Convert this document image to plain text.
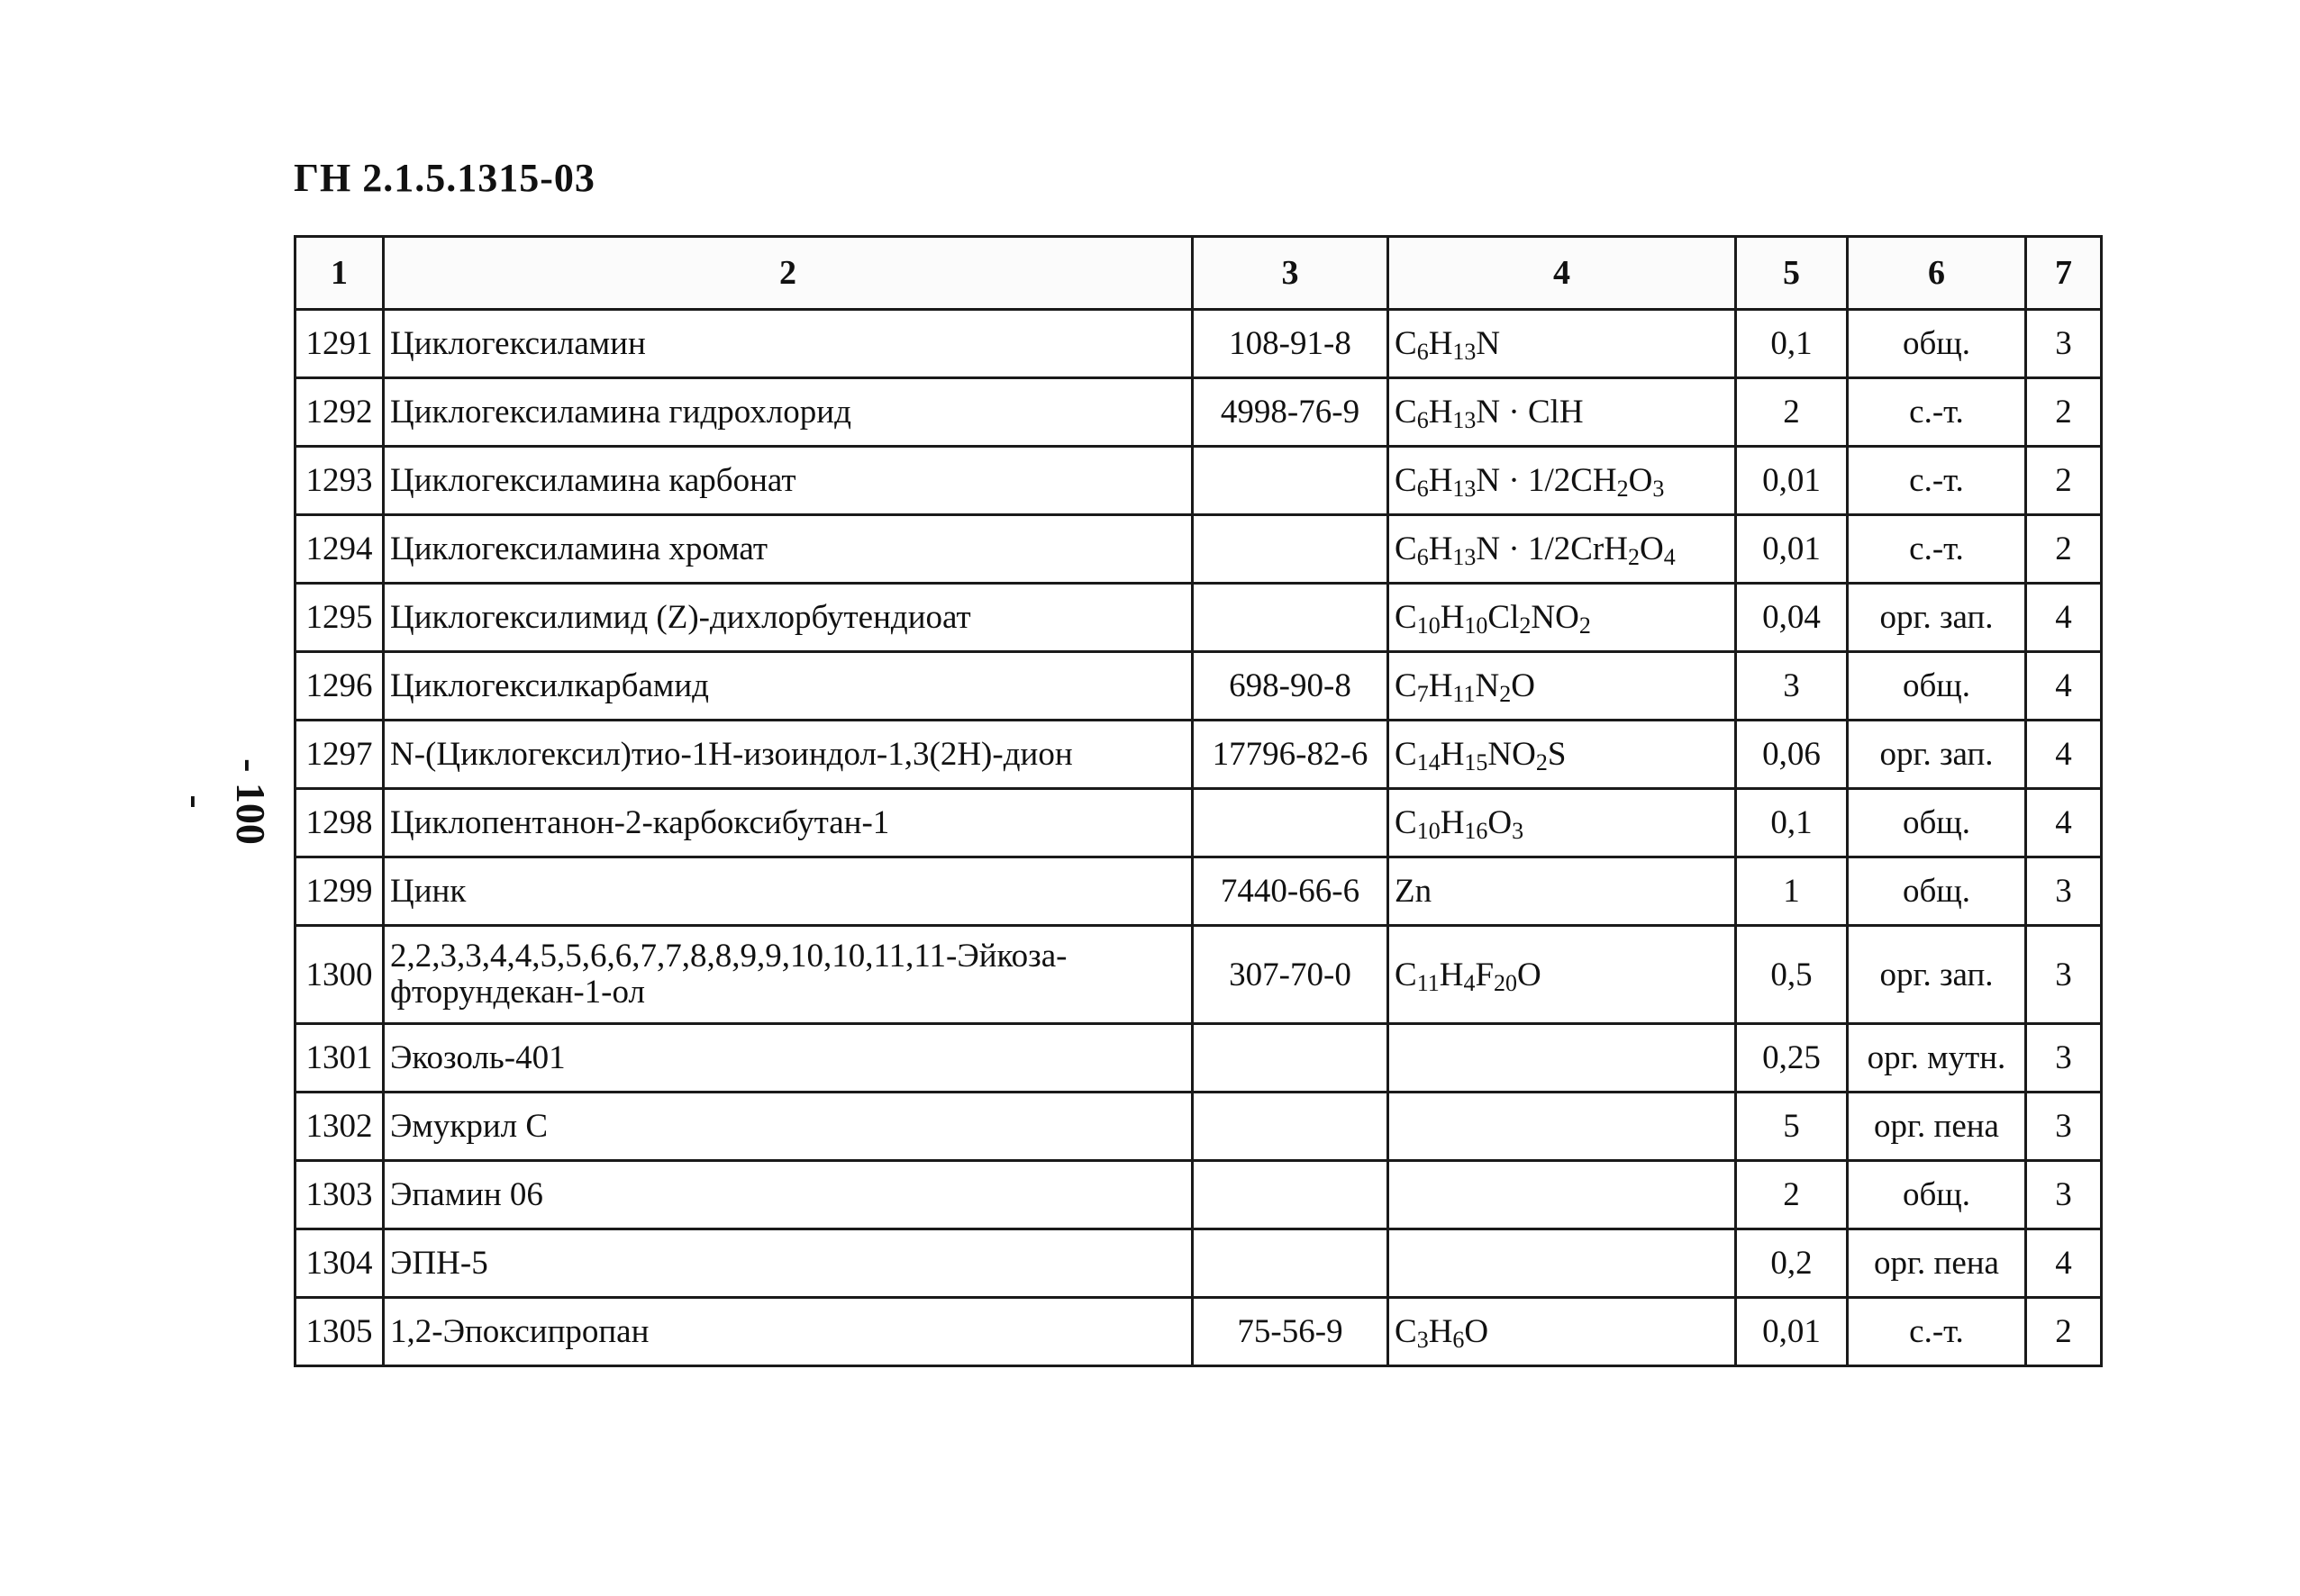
ГН 2.1.5.1315-03
- 100 -
1	2	3	4	5	6	7
1291	Циклогексиламин	108-91-8	$C_6H_{13}N$	0,1	общ.	3
1292	Циклогексиламина гидрохлорид	4998-76-9	$C_6H_{13}N$ · ClH	2	с.-т.	2
1293	Циклогексиламина карбонат		$C_6H_{13}N \cdot 1/2CH_2O_3$	0,01	с.-т.	2
1294	Циклогексиламина хромат		$C_6H_{13}N \cdot 1/2CrH_2O_4$	0,01	с.-т.	2
1295	Циклогексилимид (Z)-дихлорбутендиоат		$C_{10}H_{10}Cl_2NO_2$	0,04	орг. зап.	4
1296	Циклогексилкарбамид	698-90-8	$C_7H_{11}N_2O$	3	общ.	4
1297	N-(Циклогексил)тио-1H-изоиндол-1,3(2H)-дион	17796-82-6	$C_{14}H_{15}NO_2S$	0,06	орг. зап.	4
1298	Циклопентанон-2-карбоксибутан-1		$C_{10}H_{16}O_3$	0,1	общ.	4
1299	Цинк	7440-66-6	Zn	1	общ.	3
1300	2,2,3,3,4,4,5,5,6,6,7,7,8,8,9,9,10,10,11,11-Эйкоза-
фторундекан-1-ол	307-70-0	$C_{11}H_4F_{20}O$	0,5	орг. зап.	3
1301	Экозоль-401			0,25	орг. мутн.	3
1302	Эмукрил С			5	орг. пена	3
1303	Эпамин 06			2	общ.	3
1304	ЭПН-5			0,2	орг. пена	4
1305	1,2-Эпоксипропан	75-56-9	$C_3H_6O$	0,01	с.-т.	2
